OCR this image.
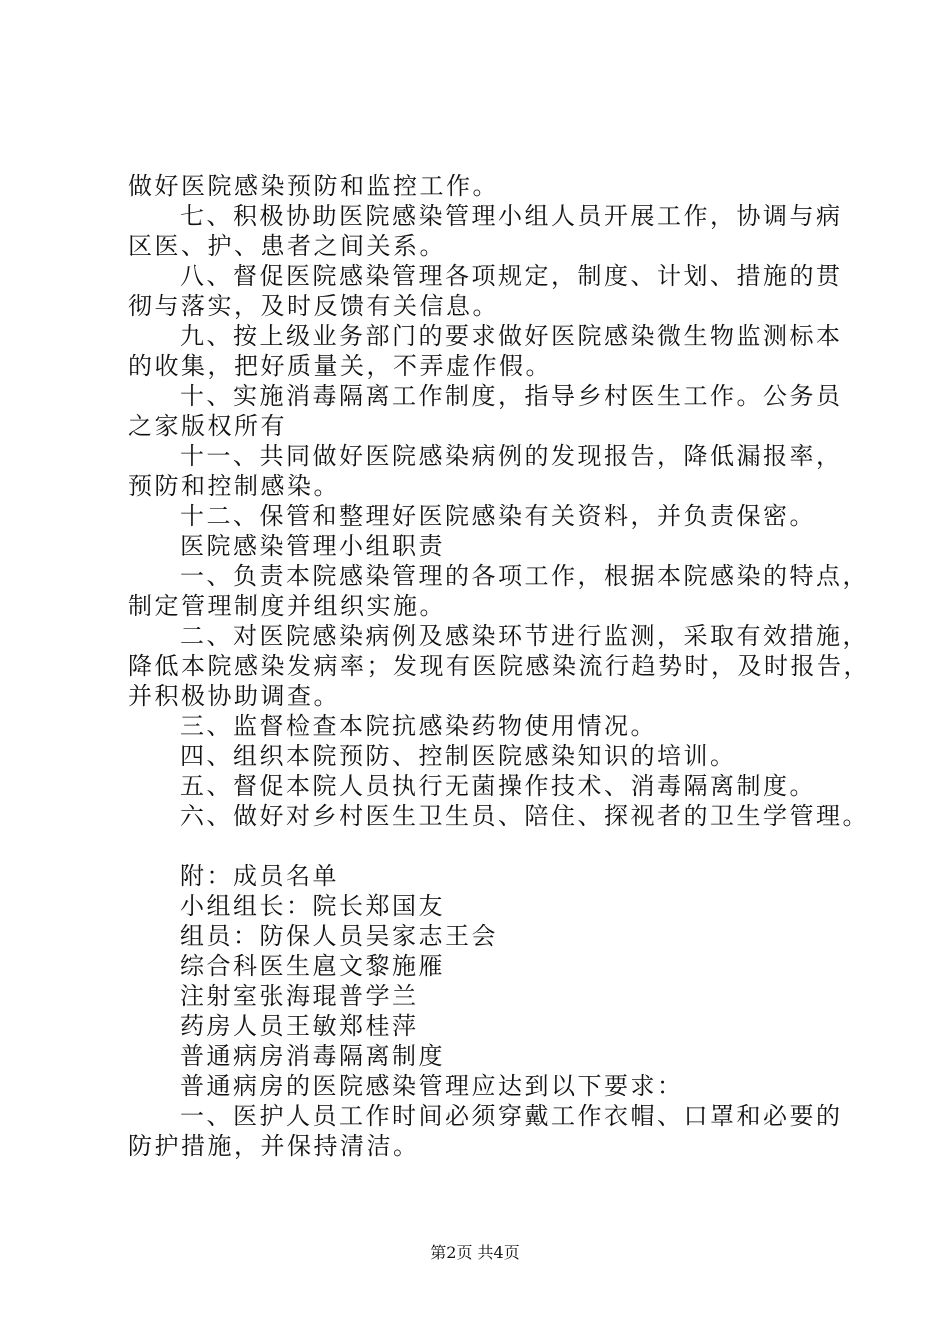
做好医院感染预防和监控工作。

七、积极协助医院感染管理小组人员开展工作，协调与病

区医、护、患者之间关系。

八、督促医院感染管理各项规定，制度、计划、措施的贯

彻与落实，及时反馈有关信息。

九、按上级业务部门的要求做好医院感染微生物监测标本

的收集，把好质量关，不弄虚作假。

十、实施消毒隔离工作制度，指导乡村医生工作。公务员

之家版权所有

十一、共同做好医院感染病例的发现报告，降低漏报率，

预防和控制感染。

十二、保管和整理好医院感染有关资料，并负责保密。

医院感染管理小组职责

一、负责本院感染管理的各项工作，根据本院感染的特点，

制定管理制度并组织实施。

二、对医院感染病例及感染环节进行监测，采取有效措施，

降低本院感染发病率；发现有医院感染流行趋势时，及时报告，

并积极协助调查。

三、监督检查本院抗感染药物使用情况。

四、组织本院预防、控制医院感染知识的培训。

五、督促本院人员执行无菌操作技术、消毒隔离制度。

六、做好对乡村医生卫生员、陪住、探视者的卫生学管理。

附：成员名单

小组组长：院长郑国友

组员：防保人员吴家志王会

综合科医生扈文黎施雁

注射室张海琨普学兰

药房人员王敏郑桂萍

普通病房消毒隔离制度

普通病房的医院感染管理应达到以下要求：

一、医护人员工作时间必须穿戴工作衣帽、口罩和必要的

防护措施，并保持清洁。

第2页 共4页
